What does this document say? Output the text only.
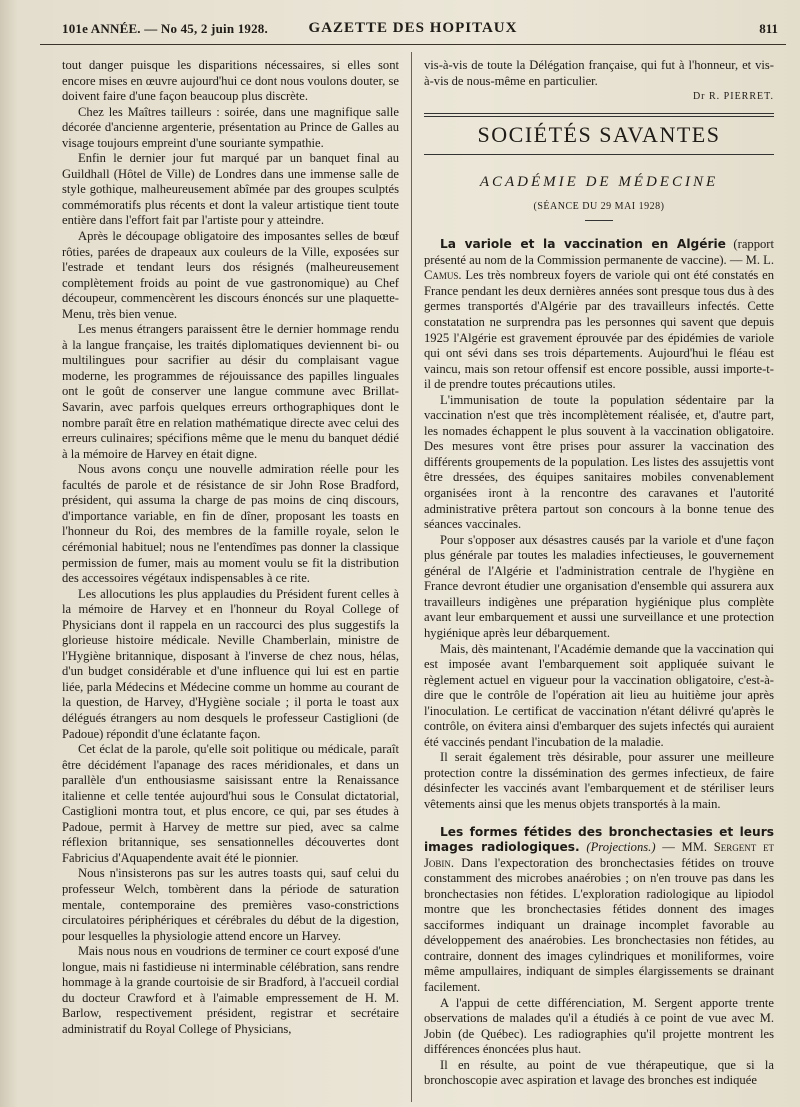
101e ANNÉE. — No 45, 2 juin 1928.	GAZETTE DES HOPITAUX	811

tout danger puisque les disparitions nécessaires, si elles sont encore mises en œuvre aujourd'hui ce dont nous voulons douter, se doivent faire d'une façon beaucoup plus discrète.

Chez les Maîtres tailleurs : soirée, dans une magnifique salle décorée d'ancienne argenterie, présentation au Prince de Galles au visage toujours empreint d'une souriante sympathie.

Enfin le dernier jour fut marqué par un banquet final au Guildhall (Hôtel de Ville) de Londres dans une immense salle de style gothique, malheureusement abîmée par des groupes sculptés commémoratifs plus récents et dont la valeur artistique tient toute entière dans l'effort fait par l'artiste pour y atteindre.

Après le découpage obligatoire des imposantes selles de bœuf rôties, parées de drapeaux aux couleurs de la Ville, exposées sur l'estrade et tendant leurs dos résignés (malheureusement complètement froids au point de vue gastronomique) au Chef découpeur, commencèrent les discours énoncés sur une plaquette-Menu, très bien venue.

Les menus étrangers paraissent être le dernier hommage rendu à la langue française, les traités diplomatiques deviennent bi- ou multilingues pour sacrifier au désir du complaisant vague moderne, les programmes de réjouissance des papilles linguales ont le goût de conserver une langue commune avec Brillat-Savarin, avec parfois quelques erreurs orthographiques dont le nombre paraît être en relation mathématique directe avec celui des erreurs culinaires; spécifions même que le menu du banquet dédié à la mémoire de Harvey en était digne.

Nous avons conçu une nouvelle admiration réelle pour les facultés de parole et de résistance de sir John Rose Bradford, président, qui assuma la charge de pas moins de cinq discours, d'importance variable, en fin de dîner, proposant les toasts en l'honneur du Roi, des membres de la famille royale, selon le cérémonial habituel; nous ne l'entendîmes pas donner la classique permission de fumer, mais au moment voulu se fit la distribution des accessoires végétaux indispensables à ce rite.

Les allocutions les plus applaudies du Président furent celles à la mémoire de Harvey et en l'honneur du Royal College of Physicians dont il rappela en un raccourci des plus suggestifs la glorieuse histoire médicale. Neville Chamberlain, ministre de l'Hygiène britannique, disposant à l'inverse de chez nous, hélas, d'un budget considérable et d'une influence qui lui est en partie liée, parla Médecins et Médecine comme un homme au courant de la question, de Harvey, d'Hygiène sociale ; il porta le toast aux délégués étrangers au nom desquels le professeur Castiglioni (de Padoue) répondit d'une éclatante façon.

Cet éclat de la parole, qu'elle soit politique ou médicale, paraît être décidément l'apanage des races méridionales, et dans un parallèle d'un enthousiasme saisissant entre la Renaissance italienne et celle tentée aujourd'hui sous le Consulat dictatorial, Castiglioni montra tout, et plus encore, ce qui, par ses études à Padoue, permit à Harvey de mettre sur pied, avec sa calme réflexion britannique, ses sensationnelles découvertes dont Fabricius d'Aquapendente avait été le pionnier.

Nous n'insisterons pas sur les autres toasts qui, sauf celui du professeur Welch, tombèrent dans la période de saturation mentale, contemporaine des premières vaso-constrictions circulatoires périphériques et cérébrales du début de la digestion, pour lesquelles la physiologie attend encore un Harvey.

Mais nous nous en voudrions de terminer ce court exposé d'une longue, mais ni fastidieuse ni interminable célébration, sans rendre hommage à la grande courtoisie de sir Bradford, à l'accueil cordial du docteur Crawford et à l'aimable empressement de H. M. Barlow, respectivement président, registrar et secrétaire administratif du Royal College of Physicians,

vis-à-vis de toute la Délégation française, qui fut à l'honneur, et vis-à-vis de nous-même en particulier.

Dr R. PIERRET.

SOCIÉTÉS SAVANTES
ACADÉMIE DE MÉDECINE
(SÉANCE DU 29 MAI 1928)

La variole et la vaccination en Algérie (rapport présenté au nom de la Commission permanente de vaccine). — M. L. Camus. Les très nombreux foyers de variole qui ont été constatés en France pendant les deux dernières années sont presque tous dus à des germes transportés d'Algérie par des travailleurs infectés. Cette constatation ne surprendra pas les personnes qui savent que depuis 1925 l'Algérie est gravement éprouvée par des épidémies de variole qui ont sévi dans ses trois départements. Aujourd'hui le fléau est vaincu, mais son retour offensif est encore possible, aussi importe-t-il de prendre toutes précautions utiles.

L'immunisation de toute la population sédentaire par la vaccination n'est que très incomplètement réalisée, et, d'autre part, les nomades échappent le plus souvent à la vaccination obligatoire. Des mesures vont être prises pour assurer la vaccination des différents groupements de la population. Les listes des assujettis vont être dressées, des équipes sanitaires mobiles convenablement organisées iront à la rencontre des caravanes et l'autorité administrative prêtera partout son concours à la bonne tenue des séances vaccinales.

Pour s'opposer aux désastres causés par la variole et d'une façon plus générale par toutes les maladies infectieuses, le gouvernement général de l'Algérie et l'administration centrale de l'hygiène en France devront étudier une organisation d'ensemble qui assurera aux travailleurs indigènes une préparation hygiénique plus complète avant leur embarquement et aussi une surveillance et une protection hygiénique après leur débarquement.

Mais, dès maintenant, l'Académie demande que la vaccination qui est imposée avant l'embarquement soit appliquée suivant le règlement actuel en vigueur pour la vaccination obligatoire, c'est-à-dire que le contrôle de l'opération ait lieu au huitième jour après l'inoculation. Le certificat de vaccination n'étant délivré qu'après le contrôle, on évitera ainsi d'embarquer des sujets infectés qui auraient été vaccinés pendant l'incubation de la maladie.

Il serait également très désirable, pour assurer une meilleure protection contre la dissémination des germes infectieux, de faire désinfecter les vaccinés avant l'embarquement et de stériliser leurs vêtements ainsi que les menus objets transportés à la main.

Les formes fétides des bronchectasies et leurs images radiologiques. (Projections.) — MM. Sergent et Jobin. Dans l'expectoration des bronchectasies fétides on trouve constamment des microbes anaérobies ; on n'en trouve pas dans les bronchectasies non fétides. L'exploration radiologique au lipiodol montre que les bronchectasies fétides donnent des images sacciformes indiquant un drainage incomplet favorable au développement des anaérobies. Les bronchectasies non fétides, au contraire, donnent des images cylindriques et moniliformes, voire même ampullaires, indiquant de simples élargissements se drainant facilement.

A l'appui de cette différenciation, M. Sergent apporte trente observations de malades qu'il a étudiés à ce point de vue avec M. Jobin (de Québec). Les radiographies qu'il projette montrent les différences énoncées plus haut.

Il en résulte, au point de vue thérapeutique, que si la bronchoscopie avec aspiration et lavage des bronches est indiquée
